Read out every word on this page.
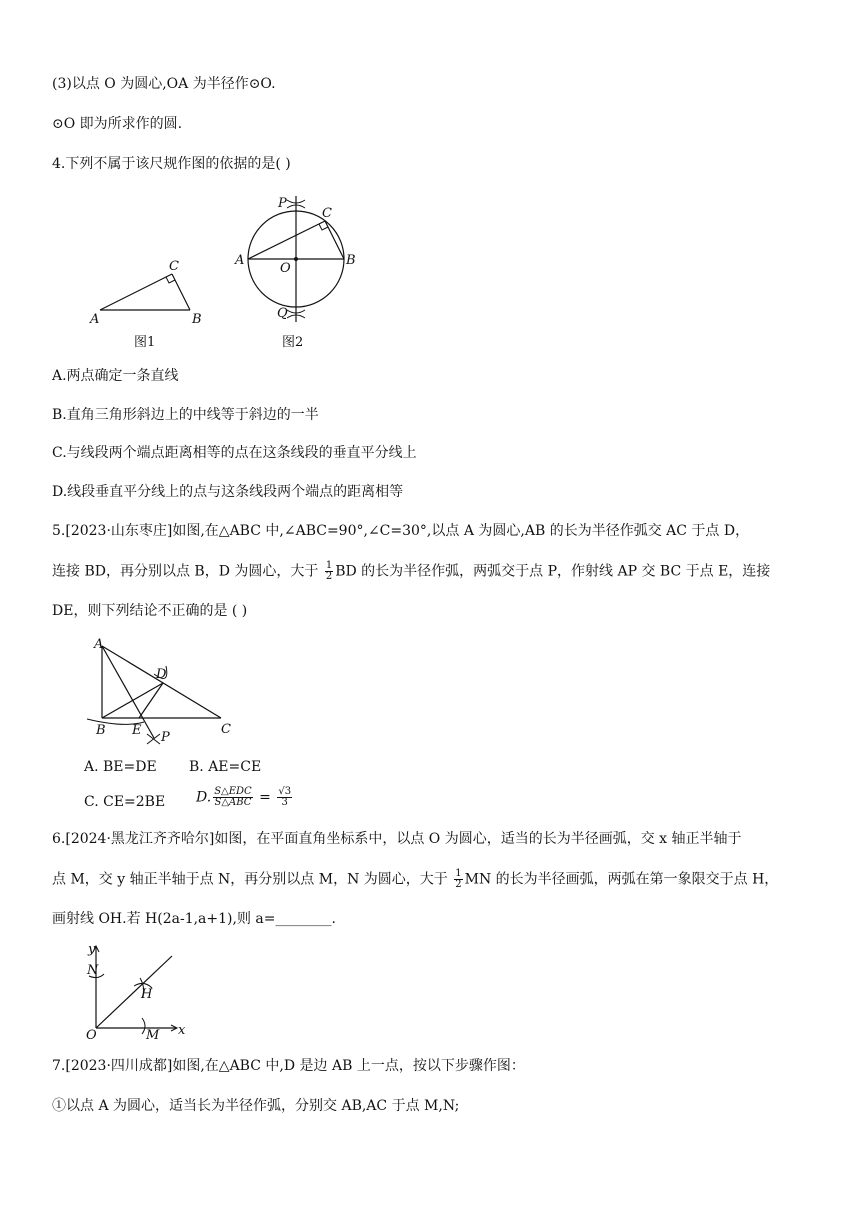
(3)以点 O 为圆心,OA 为半径作⊙O.
⊙O 即为所求作的圆.
4.下列不属于该尺规作图的依据的是( )
A	B
C
图1
P
C
A
O
B
Q
图2
A.两点确定一条直线
B.直角三角形斜边上的中线等于斜边的一半
C.与线段两个端点距离相等的点在这条线段的垂直平分线上
D.线段垂直平分线上的点与这条线段两个端点的距离相等
5.[2023·山东枣庄]如图,在△ABC 中,∠ABC=90°,∠C=30°,以点 A 为圆心,AB 的长为半径作弧交 AC 于点 D，
连接 BD，再分别以点 B，D 为圆心，大于 $\frac{1}{2}$ BD 的长为半径作弧，两弧交于点 P，作射线 AP 交 BC 于点 E，连接
DE，则下列结论不正确的是 ( )
A
D
B E	C
P
A. BE=DE B. AE=CE
C. CE=2BE D. $\frac{\text{S△EDC}}{\text{S△ABC}} = \frac{√3}{3}$
6.[2024·黑龙江齐齐哈尔]如图，在平面直角坐标系中，以点 O 为圆心，适当的长为半径画弧，交 x 轴正半轴于
点 M，交 y 轴正半轴于点 N，再分别以点 M，N 为圆心，大于 $\frac{1}{2}$ MN 的长为半径画弧，两弧在第一象限交于点 H，
画射线 OH.若 H(2a-1,a+1),则 a=________.
y
N
H
O	M x
7.[2023·四川成都]如图,在△ABC 中,D 是边 AB 上一点，按以下步骤作图：
①以点 A 为圆心，适当长为半径作弧，分别交 AB,AC 于点 M,N;
